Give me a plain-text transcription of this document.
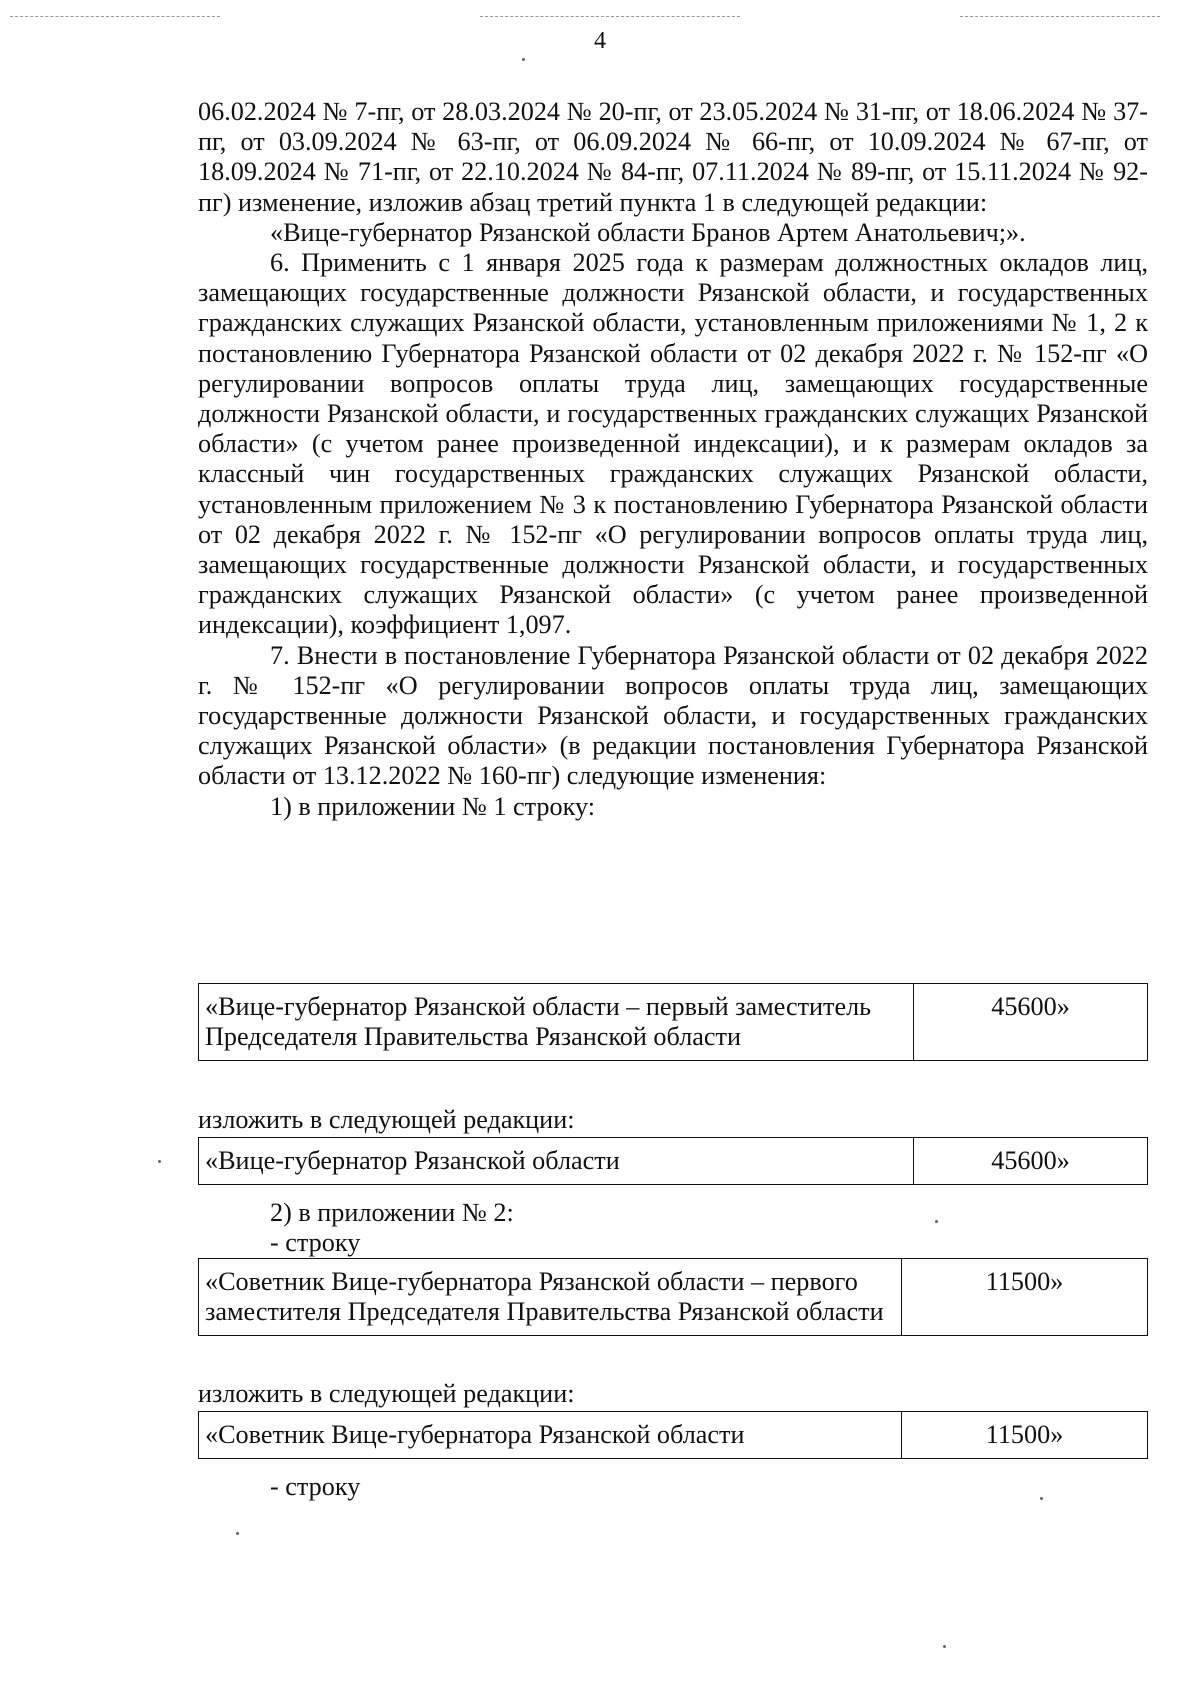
4

06.02.2024 № 7-пг, от 28.03.2024 № 20-пг, от 23.05.2024 № 31-пг, от 18.06.2024 № 37-пг, от 03.09.2024 № 63-пг, от 06.09.2024 № 66-пг, от 10.09.2024 № 67-пг, от 18.09.2024 № 71-пг, от 22.10.2024 № 84-пг, 07.11.2024 № 89-пг, от 15.11.2024 № 92-пг) изменение, изложив абзац третий пункта 1 в следующей редакции:

«Вице-губернатор Рязанской области Бранов Артем Анатольевич;».

6. Применить с 1 января 2025 года к размерам должностных окладов лиц, замещающих государственные должности Рязанской области, и государственных гражданских служащих Рязанской области, установленным приложениями № 1, 2 к постановлению Губернатора Рязанской области от 02 декабря 2022 г. № 152-пг «О регулировании вопросов оплаты труда лиц, замещающих государственные должности Рязанской области, и государственных гражданских служащих Рязанской области» (с учетом ранее произведенной индексации), и к размерам окладов за классный чин государственных гражданских служащих Рязанской области, установленным приложением № 3 к постановлению Губернатора Рязанской области от 02 декабря 2022 г. № 152-пг «О регулировании вопросов оплаты труда лиц, замещающих государственные должности Рязанской области, и государственных гражданских служащих Рязанской области» (с учетом ранее произведенной индексации), коэффициент 1,097.

7. Внести в постановление Губернатора Рязанской области от 02 декабря 2022 г. № 152-пг «О регулировании вопросов оплаты труда лиц, замещающих государственные должности Рязанской области, и государственных гражданских служащих Рязанской области» (в редакции постановления Губернатора Рязанской области от 13.12.2022 № 160-пг) следующие изменения:

1) в приложении № 1 строку:

«Вице-губернатор Рязанской области – первый заместитель Председателя Правительства Рязанской области	45600»

изложить в следующей редакции:

«Вице-губернатор Рязанской области	45600»

2) в приложении № 2:

- строку

«Советник Вице-губернатора Рязанской области – первого заместителя Председателя Правительства Рязанской области	11500»

изложить в следующей редакции:

«Советник Вице-губернатора Рязанской области	11500»

- строку
